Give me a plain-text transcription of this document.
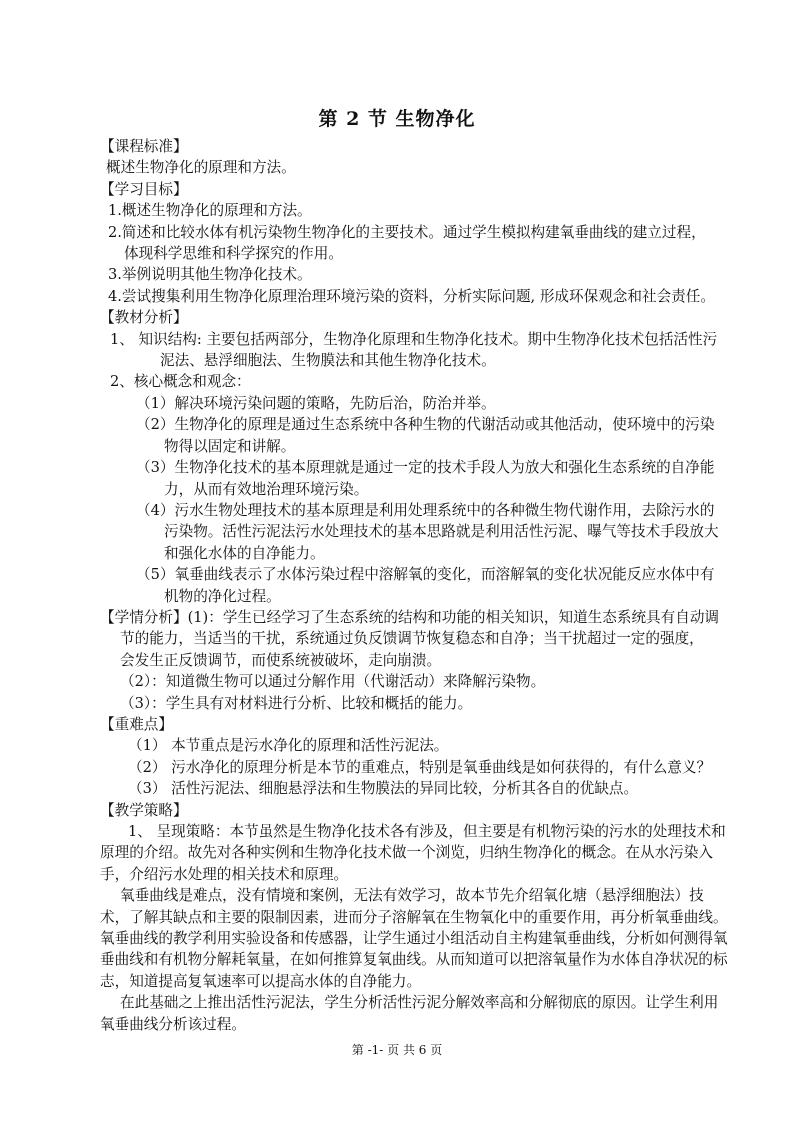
第 2 节 生物净化
【课程标准】
概述生物净化的原理和方法。
【学习目标】
1.概述生物净化的原理和方法。
2.简述和比较水体有机污染物生物净化的主要技术。通过学生模拟构建氧垂曲线的建立过程，
体现科学思维和科学探究的作用。
3.举例说明其他生物净化技术。
4.尝试搜集利用生物净化原理治理环境污染的资料，分析实际问题, 形成环保观念和社会责任。
【教材分析】
1、 知识结构: 主要包括两部分，生物净化原理和生物净化技术。期中生物净化技术包括活性污
泥法、悬浮细胞法、生物膜法和其他生物净化技术。
2、核心概念和观念：
（1）解决环境污染问题的策略，先防后治，防治并举。
（2）生物净化的原理是通过生态系统中各种生物的代谢活动或其他活动，使环境中的污染
物得以固定和讲解。
（3）生物净化技术的基本原理就是通过一定的技术手段人为放大和强化生态系统的自净能
力，从而有效地治理环境污染。
（4）污水生物处理技术的基本原理是利用处理系统中的各种微生物代谢作用，去除污水的
污染物。活性污泥法污水处理技术的基本思路就是利用活性污泥、曝气等技术手段放大
和强化水体的自净能力。
（5）氧垂曲线表示了水体污染过程中溶解氧的变化，而溶解氧的变化状况能反应水体中有
机物的净化过程。
【学情分析】(1)：学生已经学习了生态系统的结构和功能的相关知识，知道生态系统具有自动调
节的能力，当适当的干扰，系统通过负反馈调节恢复稳态和自净；当干扰超过一定的强度，
会发生正反馈调节，而使系统被破坏，走向崩溃。
（2）：知道微生物可以通过分解作用（代谢活动）来降解污染物。
（3）：学生具有对材料进行分析、比较和概括的能力。
【重难点】
（1） 本节重点是污水净化的原理和活性污泥法。
（2） 污水净化的原理分析是本节的重难点，特别是氧垂曲线是如何获得的，有什么意义？
（3） 活性污泥法、细胞悬浮法和生物膜法的异同比较，分析其各自的优缺点。
【教学策略】
1、 呈现策略：本节虽然是生物净化技术各有涉及，但主要是有机物污染的污水的处理技术和
原理的介绍。故先对各种实例和生物净化技术做一个浏览，归纳生物净化的概念。在从水污染入
手，介绍污水处理的相关技术和原理。
氧垂曲线是难点，没有情境和案例，无法有效学习，故本节先介绍氧化塘（悬浮细胞法）技
术，了解其缺点和主要的限制因素，进而分子溶解氧在生物氧化中的重要作用，再分析氧垂曲线。
氧垂曲线的教学利用实验设备和传感器，让学生通过小组活动自主构建氧垂曲线，分析如何测得氧
垂曲线和有机物分解耗氧量，在如何推算复氧曲线。从而知道可以把溶氧量作为水体自净状况的标
志，知道提高复氧速率可以提高水体的自净能力。
在此基础之上推出活性污泥法，学生分析活性污泥分解效率高和分解彻底的原因。让学生利用
氧垂曲线分析该过程。
第 -1- 页 共 6 页
